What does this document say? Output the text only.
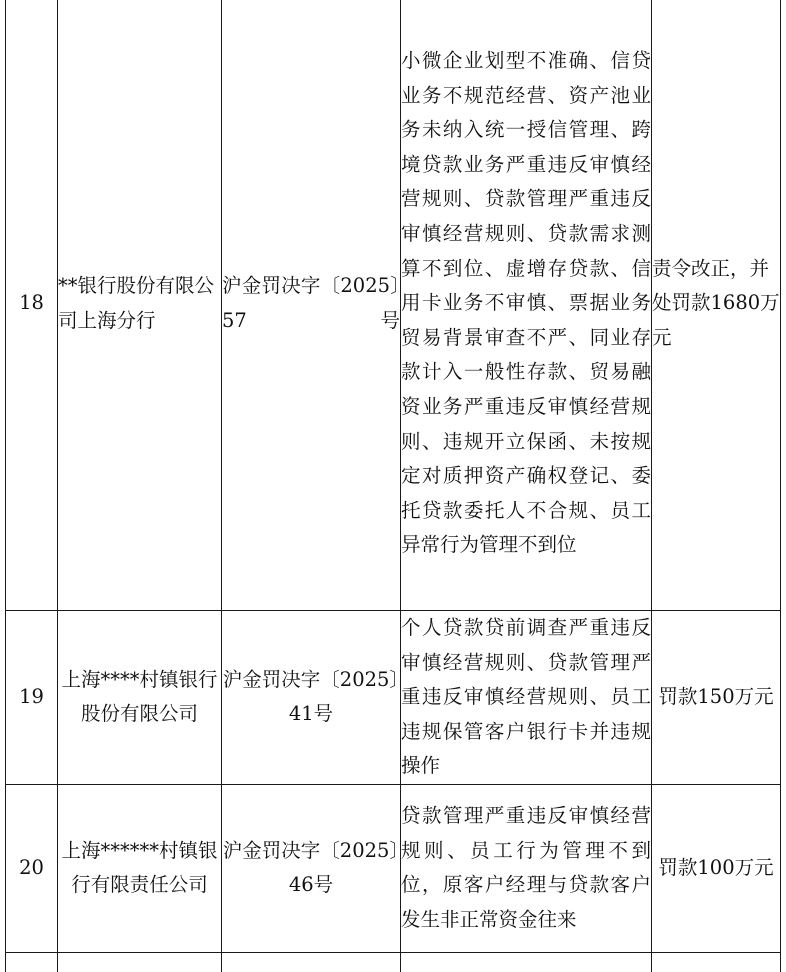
18	**银行股份有限公司上海分行	沪金罚决字〔2025〕57号	小微企业划型不准确、信贷业务不规范经营、资产池业务未纳入统一授信管理、跨境贷款业务严重违反审慎经营规则、贷款管理严重违反审慎经营规则、贷款需求测算不到位、虚增存贷款、信用卡业务不审慎、票据业务贸易背景审查不严、同业存款计入一般性存款、贸易融资业务严重违反审慎经营规则、违规开立保函、未按规定对质押资产确权登记、委托贷款委托人不合规、员工异常行为管理不到位	责令改正，并处罚款1680万元
19	上海****村镇银行股份有限公司	沪金罚决字〔2025〕41号	个人贷款贷前调查严重违反审慎经营规则、贷款管理严重违反审慎经营规则、员工违规保管客户银行卡并违规操作	罚款150万元
20	上海******村镇银行有限责任公司	沪金罚决字〔2025〕46号	贷款管理严重违反审慎经营规则、员工行为管理不到位，原客户经理与贷款客户发生非正常资金往来	罚款100万元
